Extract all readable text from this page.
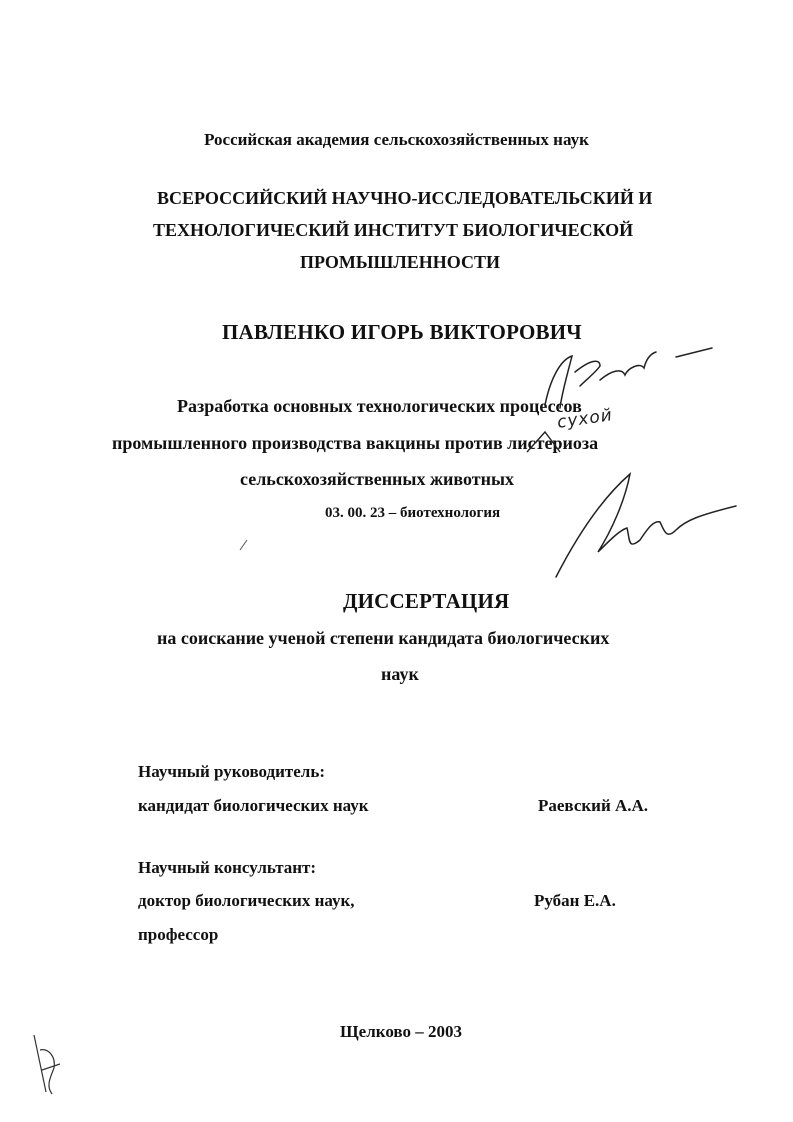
Российская академия сельскохозяйственных наук
ВСЕРОССИЙСКИЙ НАУЧНО-ИССЛЕДОВАТЕЛЬСКИЙ И
ТЕХНОЛОГИЧЕСКИЙ ИНСТИТУТ БИОЛОГИЧЕСКОЙ
ПРОМЫШЛЕННОСТИ
ПАВЛЕНКО ИГОРЬ ВИКТОРОВИЧ
Разработка основных технологических процессов
промышленного производства вакцины против листериоза
сельскохозяйственных животных
03. 00. 23 – биотехнология
ДИССЕРТАЦИЯ
на соискание ученой степени кандидата биологических
наук
Научный руководитель:
кандидат биологических наук	Раевский А.А.
Научный консультант:
доктор биологических наук,	Рубан Е.А.
профессор
Щелково – 2003
сухой
